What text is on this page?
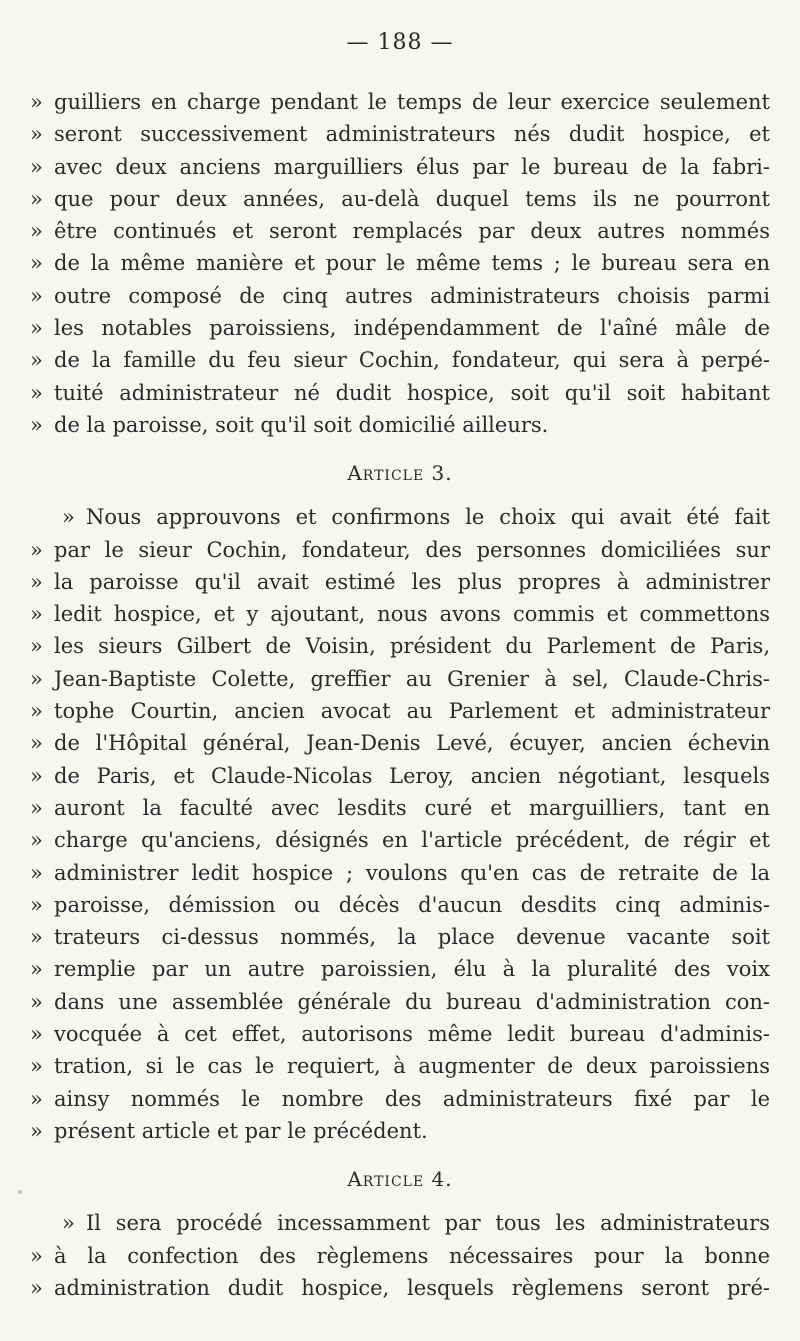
— 188 —
» guilliers en charge pendant le temps de leur exercice seulement
» seront successivement administrateurs nés dudit hospice, et
» avec deux anciens marguilliers élus par le bureau de la fabri-
» que pour deux années, au-delà duquel tems ils ne pourront
» être continués et seront remplacés par deux autres nommés
» de la même manière et pour le même tems ; le bureau sera en
» outre composé de cinq autres administrateurs choisis parmi
» les notables paroissiens, indépendamment de l'aîné mâle de
» de la famille du feu sieur Cochin, fondateur, qui sera à perpé-
» tuité administrateur né dudit hospice, soit qu'il soit habitant
» de la paroisse, soit qu'il soit domicilié ailleurs.
Article 3.
» Nous approuvons et confirmons le choix qui avait été fait
» par le sieur Cochin, fondateur, des personnes domiciliées sur
» la paroisse qu'il avait estimé les plus propres à administrer
» ledit hospice, et y ajoutant, nous avons commis et commettons
» les sieurs Gilbert de Voisin, président du Parlement de Paris,
» Jean-Baptiste Colette, greffier au Grenier à sel, Claude-Chris-
» tophe Courtin, ancien avocat au Parlement et administrateur
» de l'Hôpital général, Jean-Denis Levé, écuyer, ancien échevin
» de Paris, et Claude-Nicolas Leroy, ancien négotiant, lesquels
» auront la faculté avec lesdits curé et marguilliers, tant en
» charge qu'anciens, désignés en l'article précédent, de régir et
» administrer ledit hospice ; voulons qu'en cas de retraite de la
» paroisse, démission ou décès d'aucun desdits cinq adminis-
» trateurs ci-dessus nommés, la place devenue vacante soit
» remplie par un autre paroissien, élu à la pluralité des voix
» dans une assemblée générale du bureau d'administration con-
» vocquée à cet effet, autorisons même ledit bureau d'adminis-
» tration, si le cas le requiert, à augmenter de deux paroissiens
» ainsy nommés le nombre des administrateurs fixé par le
» présent article et par le précédent.
Article 4.
» Il sera procédé incessamment par tous les administrateurs
» à la confection des règlemens nécessaires pour la bonne
» administration dudit hospice, lesquels règlemens seront pré-
